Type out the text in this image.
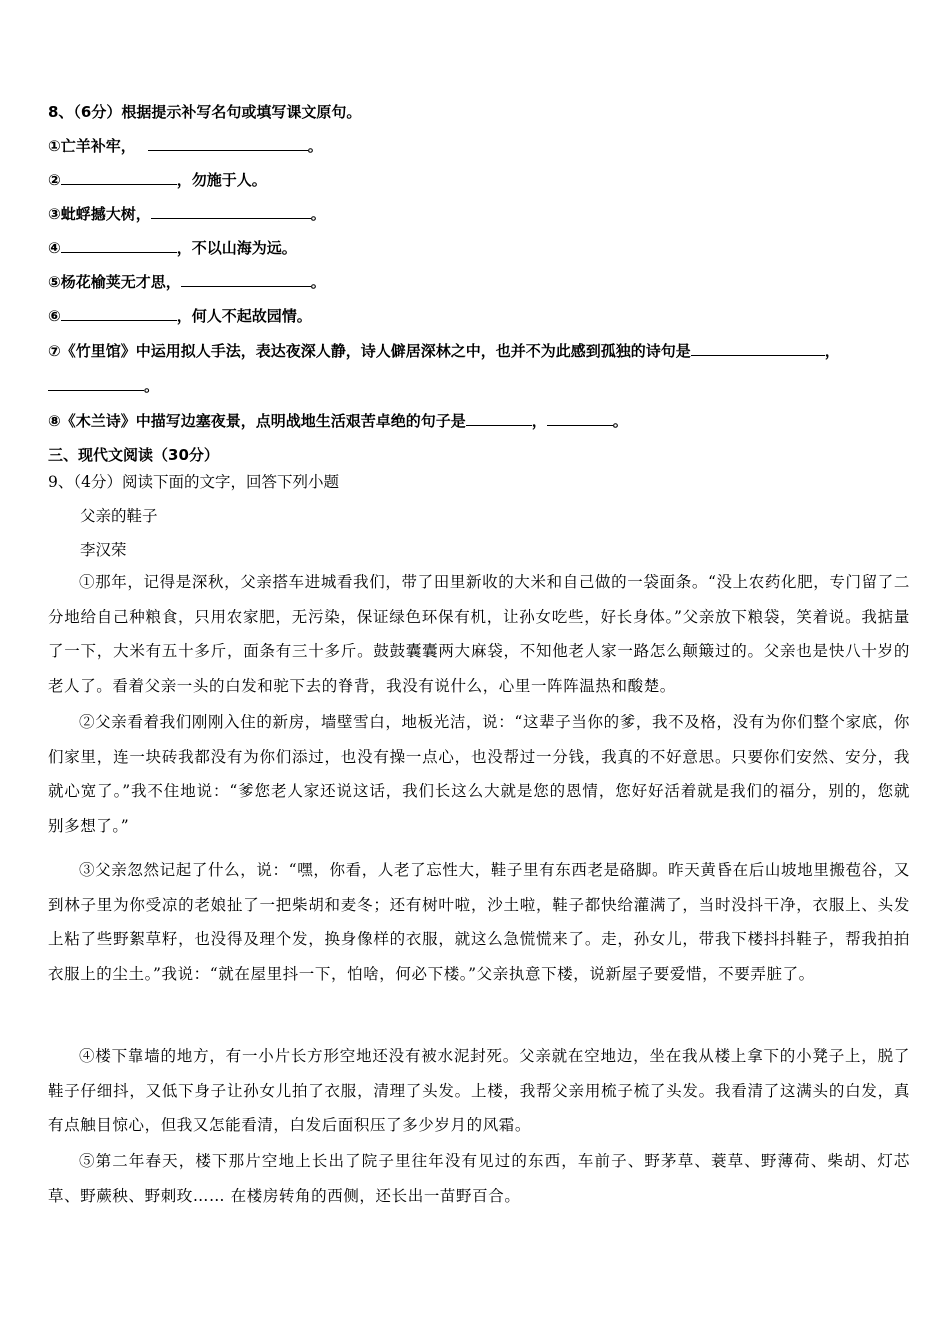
8、（6分）根据提示补写名句或填写课文原句。
①亡羊补牢，	。
②	，勿施于人。
③蚍蜉撼大树，	。
④	，不以山海为远。
⑤杨花榆荚无才思，	。
⑥	，何人不起故园情。
⑦《竹里馆》中运用拟人手法，表达夜深人静，诗人僻居深林之中，也并不为此感到孤独的诗句是	，
。
⑧《木兰诗》中描写边塞夜景，点明战地生活艰苦卓绝的句子是	，	。
三、现代文阅读（30分）
9、（4分）阅读下面的文字，回答下列小题
父亲的鞋子
李汉荣
①那年，记得是深秋，父亲搭车进城看我们，带了田里新收的大米和自己做的一袋面条。“没上农药化肥，专门留了二分地给自己种粮食，只用农家肥，无污染，保证绿色环保有机，让孙女吃些，好长身体。”父亲放下粮袋，笑着说。我掂量了一下，大米有五十多斤，面条有三十多斤。鼓鼓囊囊两大麻袋，不知他老人家一路怎么颠簸过的。父亲也是快八十岁的老人了。看着父亲一头的白发和驼下去的脊背，我没有说什么，心里一阵阵温热和酸楚。
②父亲看着我们刚刚入住的新房，墙壁雪白，地板光洁，说：“这辈子当你的爹，我不及格，没有为你们整个家底，你们家里，连一块砖我都没有为你们添过，也没有操一点心，也没帮过一分钱，我真的不好意思。只要你们安然、安分，我就心宽了。”我不住地说：“爹您老人家还说这话，我们长这么大就是您的恩情，您好好活着就是我们的福分，别的，您就别多想了。”
③父亲忽然记起了什么，说：“嘿，你看，人老了忘性大，鞋子里有东西老是硌脚。昨天黄昏在后山坡地里搬苞谷，又到林子里为你受凉的老娘扯了一把柴胡和麦冬；还有树叶啦，沙土啦，鞋子都快给灌满了，当时没抖干净，衣服上、头发上粘了些野絮草籽，也没得及理个发，换身像样的衣服，就这么急慌慌来了。走，孙女儿，带我下楼抖抖鞋子，帮我拍拍衣服上的尘土。”我说：“就在屋里抖一下，怕啥，何必下楼。”父亲执意下楼，说新屋子要爱惜，不要弄脏了。
④楼下靠墙的地方，有一小片长方形空地还没有被水泥封死。父亲就在空地边，坐在我从楼上拿下的小凳子上，脱了鞋子仔细抖，又低下身子让孙女儿拍了衣服，清理了头发。上楼，我帮父亲用梳子梳了头发。我看清了这满头的白发，真有点触目惊心，但我又怎能看清，白发后面积压了多少岁月的风霜。
⑤第二年春天，楼下那片空地上长出了院子里往年没有见过的东西，车前子、野茅草、蓑草、野薄荷、柴胡、灯芯草、野蕨秧、野刺玫…… 在楼房转角的西侧，还长出一苗野百合。
